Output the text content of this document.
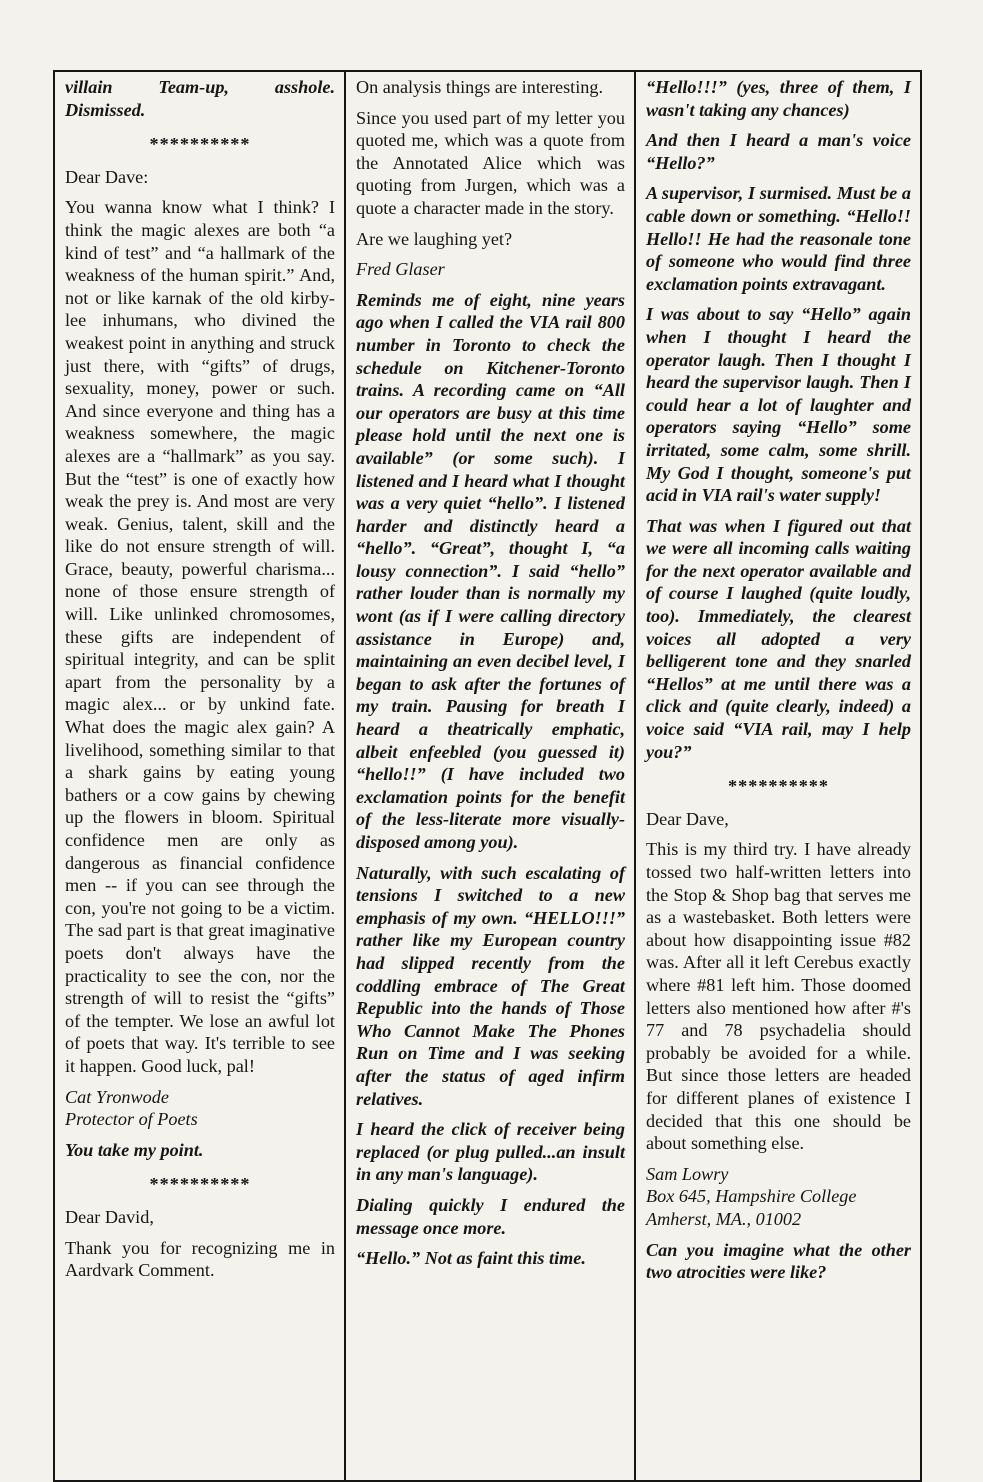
villain Team-up, asshole. Dismissed.

**********

Dear Dave:

You wanna know what I think? I think the magic alexes are both “a kind of test” and “a hallmark of the weakness of the human spirit.” And, not or like karnak of the old kirby-lee inhumans, who divined the weakest point in anything and struck just there, with “gifts” of drugs, sexuality, money, power or such. And since everyone and thing has a weakness somewhere, the magic alexes are a “hallmark” as you say. But the “test” is one of exactly how weak the prey is. And most are very weak. Genius, talent, skill and the like do not ensure strength of will. Grace, beauty, powerful charisma... none of those ensure strength of will. Like unlinked chromosomes, these gifts are independent of spiritual integrity, and can be split apart from the personality by a magic alex... or by unkind fate. What does the magic alex gain? A livelihood, something similar to that a shark gains by eating young bathers or a cow gains by chewing up the flowers in bloom. Spiritual confidence men are only as dangerous as financial confidence men -- if you can see through the con, you're not going to be a victim. The sad part is that great imaginative poets don't always have the practicality to see the con, nor the strength of will to resist the “gifts” of the tempter. We lose an awful lot of poets that way. It's terrible to see it happen. Good luck, pal!

Cat Yronwode

Protector of Poets

You take my point.

**********

Dear David,

Thank you for recognizing me in Aardvark Comment.

On analysis things are interesting.

Since you used part of my letter you quoted me, which was a quote from the Annotated Alice which was quoting from Jurgen, which was a quote a character made in the story.

Are we laughing yet?

Fred Glaser

Reminds me of eight, nine years ago when I called the VIA rail 800 number in Toronto to check the schedule on Kitchener-Toronto trains. A recording came on “All our operators are busy at this time please hold until the next one is available” (or some such). I listened and I heard what I thought was a very quiet “hello”. I listened harder and distinctly heard a “hello”. “Great”, thought I, “a lousy connection”. I said “hello” rather louder than is normally my wont (as if I were calling directory assistance in Europe) and, maintaining an even decibel level, I began to ask after the fortunes of my train. Pausing for breath I heard a theatrically emphatic, albeit enfeebled (you guessed it) “hello!!” (I have included two exclamation points for the benefit of the less-literate more visually-disposed among you).

Naturally, with such escalating of tensions I switched to a new emphasis of my own. “HELLO!!!” rather like my European country had slipped recently from the coddling embrace of The Great Republic into the hands of Those Who Cannot Make The Phones Run on Time and I was seeking after the status of aged infirm relatives.

I heard the click of receiver being replaced (or plug pulled...an insult in any man's language).

Dialing quickly I endured the message once more.

“Hello.” Not as faint this time.

“Hello!!!” (yes, three of them, I wasn't taking any chances)

And then I heard a man's voice “Hello?”

A supervisor, I surmised. Must be a cable down or something. “Hello!! Hello!! He had the reasonale tone of someone who would find three exclamation points extravagant.

I was about to say “Hello” again when I thought I heard the operator laugh. Then I thought I heard the supervisor laugh. Then I could hear a lot of laughter and operators saying “Hello” some irritated, some calm, some shrill. My God I thought, someone's put acid in VIA rail's water supply!

That was when I figured out that we were all incoming calls waiting for the next operator available and of course I laughed (quite loudly, too). Immediately, the clearest voices all adopted a very belligerent tone and they snarled “Hellos” at me until there was a click and (quite clearly, indeed) a voice said “VIA rail, may I help you?”

**********

Dear Dave,

This is my third try. I have already tossed two half-written letters into the Stop & Shop bag that serves me as a wastebasket. Both letters were about how disappointing issue #82 was. After all it left Cerebus exactly where #81 left him. Those doomed letters also mentioned how after #'s 77 and 78 psychadelia should probably be avoided for a while. But since those letters are headed for different planes of existence I decided that this one should be about something else.

Sam Lowry

Box 645, Hampshire College

Amherst, MA., 01002

Can you imagine what the other two atrocities were like?
